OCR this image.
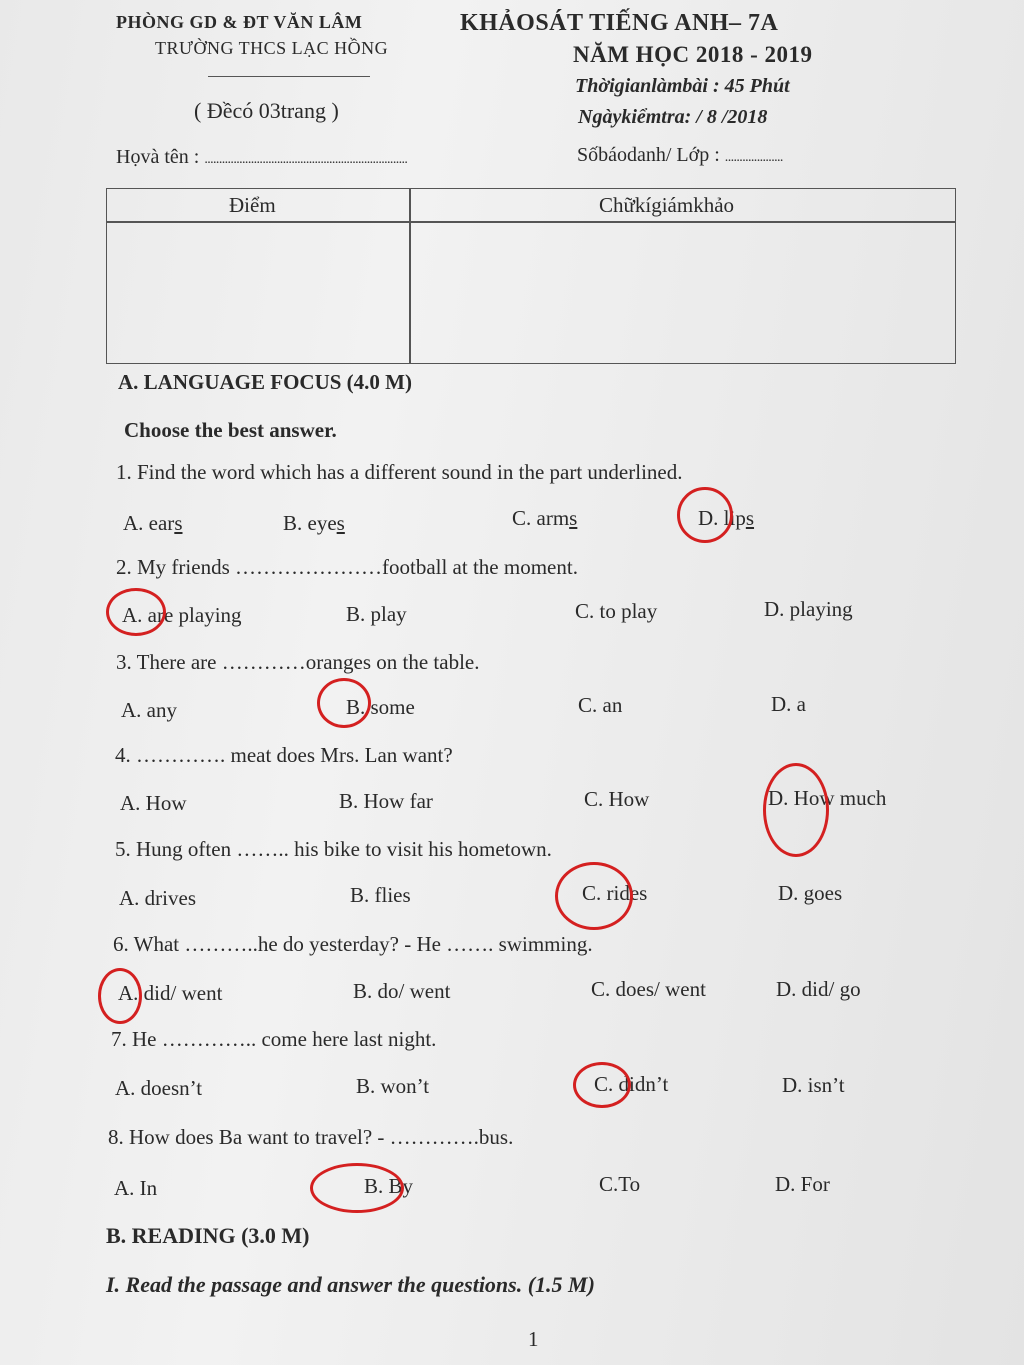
PHÒNG GD & ĐT VĂN LÂM
TRƯỜNG THCS LẠC HỒNG
( Đềcó 03trang )
KHẢOSÁT TIẾNG ANH– 7A
NĂM HỌC 2018 - 2019
Thờigianlàmbài : 45 Phút
Ngàykiểmtra: / 8 /2018
Họvà tên : ......................................................................	Sốbáodanh/ Lớp : ....................
Điểm	Chữkígiámkhảo
A. LANGUAGE FOCUS (4.0 M)
Choose the best answer.
1. Find the word which has a different sound in the part underlined.
A. ears	B. eyes	C. arms	D. lips
2. My friends …………………football at the moment.
A. are playing	B. play	C. to play	D. playing
3. There are …………oranges on the table.
A. any	B. some	C. an	D. a
4. …………. meat does Mrs. Lan want?
A. How	B. How far	C. How	D. How much
5. Hung often …….. his bike to visit his hometown.
A. drives	B. flies	C. rides	D. goes
6. What ………..he do yesterday? - He ……. swimming.
A. did/ went	B. do/ went	C. does/ went	D. did/ go
7. He ………….. come here last night.
A. doesn’t	B. won’t	C. didn’t	D. isn’t
8. How does Ba want to travel? - ………….bus.
A. In	B. By	C.To	D. For
B. READING (3.0 M)
I. Read the passage and answer the questions. (1.5 M)
1
